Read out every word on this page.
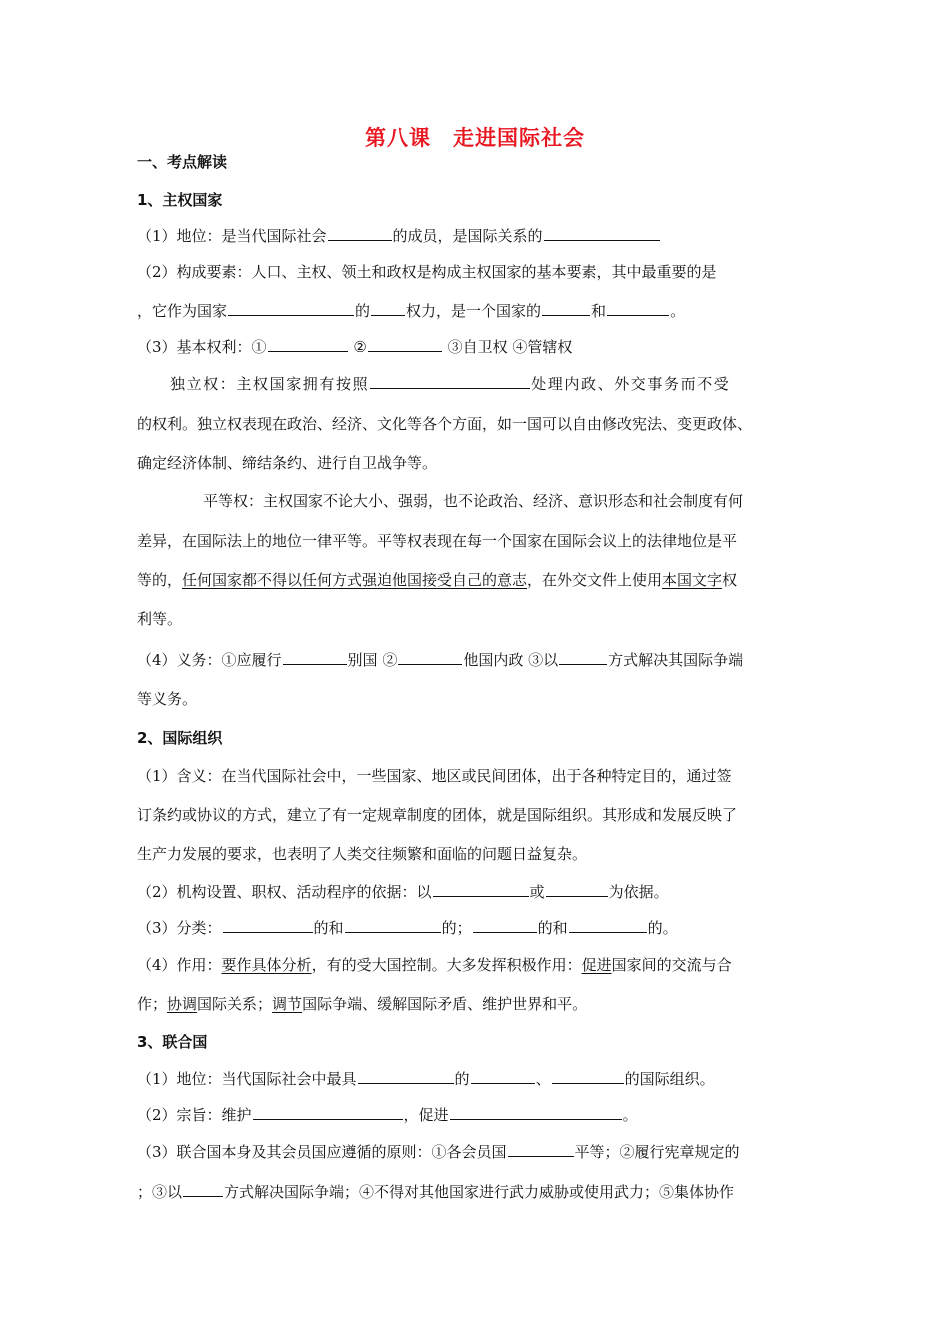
第八课 走进国际社会
一、考点解读
1、主权国家
（1）地位：是当代国际社会	的成员，是国际关系的
（2）构成要素：人口、主权、领土和政权是构成主权国家的基本要素，其中最重要的是
，它作为国家	的 权力，是一个国家的	和	。
（3）基本权利：①	②	③自卫权 ④管辖权
独立权：主权国家拥有按照	处理内政、外交事务而不受
的权利。独立权表现在政治、经济、文化等各个方面，如一国可以自由修改宪法、变更政体、
确定经济体制、缔结条约、进行自卫战争等。
平等权：主权国家不论大小、强弱，也不论政治、经济、意识形态和社会制度有何
差异，在国际法上的地位一律平等。平等权表现在每一个国家在国际会议上的法律地位是平
等的，任何国家都不得以任何方式强迫他国接受自己的意志，在外交文件上使用本国文字权
利等。
（4）义务：①应履行	别国 ②	他国内政 ③以	方式解决其国际争端
等义务。
2、国际组织
（1）含义：在当代国际社会中，一些国家、地区或民间团体，出于各种特定目的，通过签
订条约或协议的方式，建立了有一定规章制度的团体，就是国际组织。其形成和发展反映了
生产力发展的要求，也表明了人类交往频繁和面临的问题日益复杂。
（2）机构设置、职权、活动程序的依据：以	或	为依据。
（3）分类：	的和	的；	的和	的。
（4）作用：要作具体分析，有的受大国控制。大多发挥积极作用：促进国家间的交流与合
作；协调国际关系；调节国际争端、缓解国际矛盾、维护世界和平。
3、联合国
（1）地位：当代国际社会中最具	的	、	的国际组织。
（2）宗旨：维护	，促进	。
（3）联合国本身及其会员国应遵循的原则：①各会员国	平等；②履行宪章规定的
；③以	方式解决国际争端；④不得对其他国家进行武力威胁或使用武力；⑤集体协作
